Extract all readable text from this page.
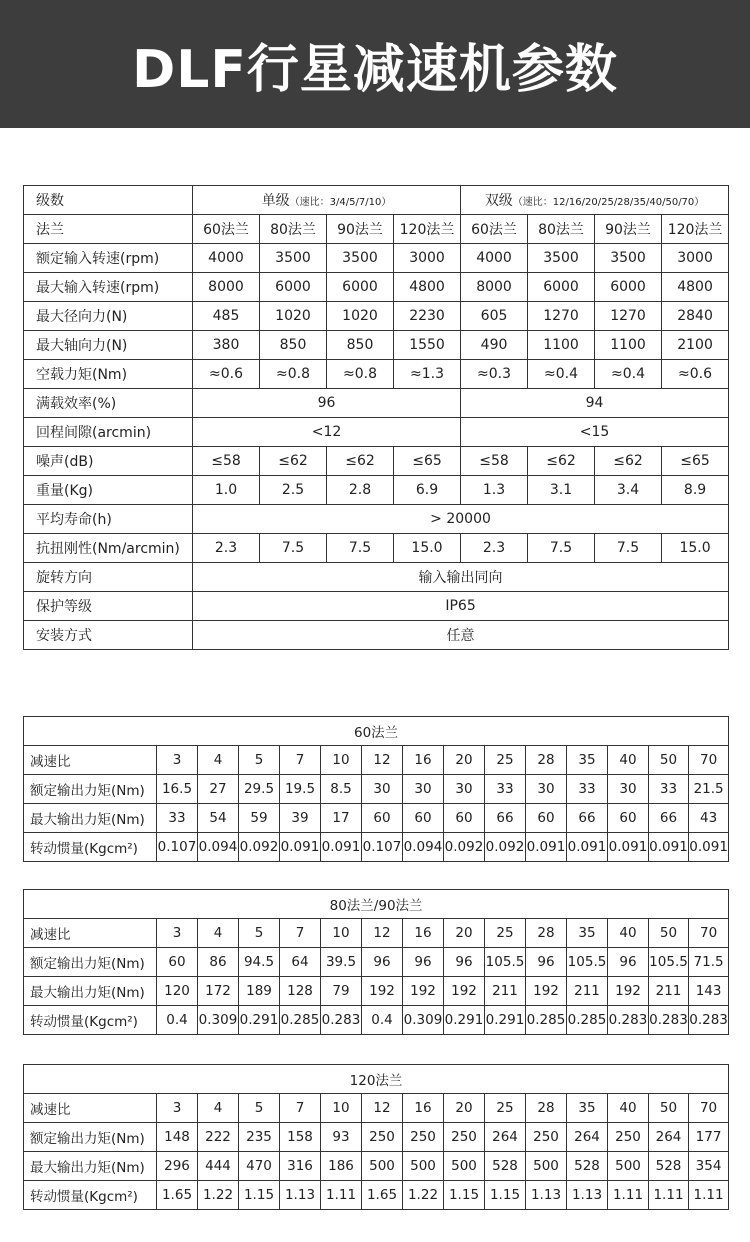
DLF行星减速机参数
级数	单级（速比：3/4/5/7/10）				双级（速比：12/16/20/25/28/35/40/50/70）			
法兰	60法兰	80法兰	90法兰	120法兰	60法兰	80法兰	90法兰	120法兰
额定输入转速(rpm)	4000	3500	3500	3000	4000	3500	3500	3000
最大输入转速(rpm)	8000	6000	6000	4800	8000	6000	6000	4800
最大径向力(N)	485	1020	1020	2230	605	1270	1270	2840
最大轴向力(N)	380	850	850	1550	490	1100	1100	2100
空载力矩(Nm)	≈0.6	≈0.8	≈0.8	≈1.3	≈0.3	≈0.4	≈0.4	≈0.6
满载效率(%)	96				94			
回程间隙(arcmin)	<12				<15			
噪声(dB)	≤58	≤62	≤62	≤65	≤58	≤62	≤62	≤65
重量(Kg)	1.0	2.5	2.8	6.9	1.3	3.1	3.4	8.9
平均寿命(h)	> 20000							
抗扭刚性(Nm/arcmin)	2.3	7.5	7.5	15.0	2.3	7.5	7.5	15.0
旋转方向	输入输出同向							
保护等级	IP65							
安装方式	任意							
60法兰														
减速比	3	4	5	7	10	12	16	20	25	28	35	40	50	70
额定输出力矩(Nm)	16.5	27	29.5	19.5	8.5	30	30	30	33	30	33	30	33	21.5
最大输出力矩(Nm)	33	54	59	39	17	60	60	60	66	60	66	60	66	43
转动惯量(Kgcm²)	0.107	0.094	0.092	0.091	0.091	0.107	0.094	0.092	0.092	0.091	0.091	0.091	0.091	0.091
80法兰/90法兰														
减速比	3	4	5	7	10	12	16	20	25	28	35	40	50	70
额定输出力矩(Nm)	60	86	94.5	64	39.5	96	96	96	105.5	96	105.5	96	105.5	71.5
最大输出力矩(Nm)	120	172	189	128	79	192	192	192	211	192	211	192	211	143
转动惯量(Kgcm²)	0.4	0.309	0.291	0.285	0.283	0.4	0.309	0.291	0.291	0.285	0.285	0.283	0.283	0.283
120法兰														
减速比	3	4	5	7	10	12	16	20	25	28	35	40	50	70
额定输出力矩(Nm)	148	222	235	158	93	250	250	250	264	250	264	250	264	177
最大输出力矩(Nm)	296	444	470	316	186	500	500	500	528	500	528	500	528	354
转动惯量(Kgcm²)	1.65	1.22	1.15	1.13	1.11	1.65	1.22	1.15	1.15	1.13	1.13	1.11	1.11	1.11
